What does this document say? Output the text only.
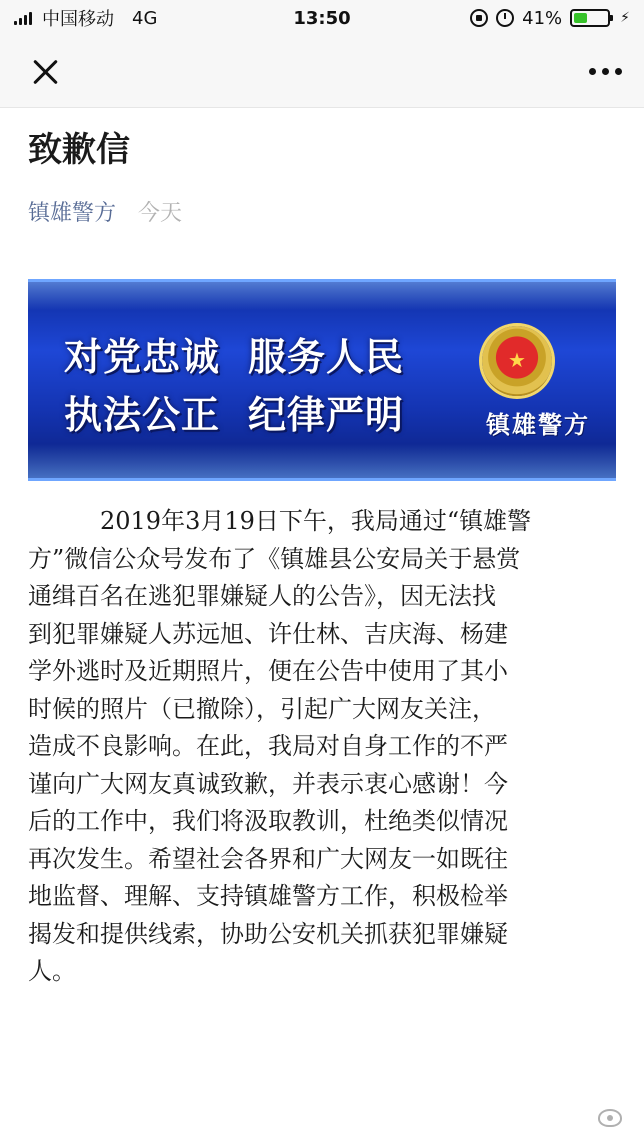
中国移动 4G	13:50	41%	⚡
致歉信
镇雄警方 今天
对党忠诚 服务人民
执法公正 纪律严明
★	镇雄警方
2019年3月19日下午，我局通过“镇雄警
方”微信公众号发布了《镇雄县公安局关于悬赏
通缉百名在逃犯罪嫌疑人的公告》，因无法找
到犯罪嫌疑人苏远旭、许仕林、吉庆海、杨建
学外逃时及近期照片，便在公告中使用了其小
时候的照片（已撤除），引起广大网友关注，
造成不良影响。在此，我局对自身工作的不严
谨向广大网友真诚致歉，并表示衷心感谢！今
后的工作中，我们将汲取教训，杜绝类似情况
再次发生。希望社会各界和广大网友一如既往
地监督、理解、支持镇雄警方工作，积极检举
揭发和提供线索，协助公安机关抓获犯罪嫌疑
人。
